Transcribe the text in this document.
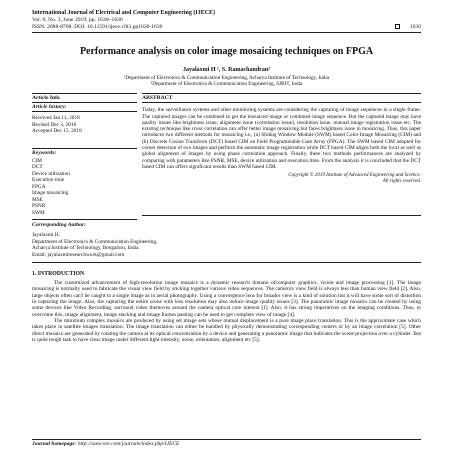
International Journal of Electrical and Computer Engineering (IJECE)
Vol. 9, No. 3, June 2019, pp. 1630~1636
ISSN: 2088-8708, DOI: 10.11591/ijece.v9i3.pp1630-1636	1630
Performance analysis on color image mosaicing techniques on FPGA
Jayalaxmi H ¹, S. Ramachandran²
¹Department of Electronics & Communication Engineering, Acharya Institute of Technology, India
²Department of Electronics & Communication Engineering, SJBIT, India
Article Info
Article history:
Received Jan 11, 2018
Revised Dec 3, 2018
Accepted Dec 15, 2018
Keywords:
CIM
DCT
Device utilization
Execution time
FPGA
Image mosaicing
MSE
PSNR
SWM
ABSTRACT
Today, the surveillance systems and other monitoring systems are considering the capturing of image sequences in a single frame. The captured images can be combined to get the mosaiced image or combined image sequence. But the captured image may have quality issues like brightness issue, alignment issue (correlation issue), resolution issue, manual image registration issue etc. The existing technique like cross correlation can offer better image mosaicing but faces brightness issue in mosaicing. Thus, this paper introduces two different methods for mosaicing i.e., (a) Sliding Window Module (SWM) based Color Image Mosaicing (CIM) and (b) Discrete Cosine Transform (DCT) based CIM on Field Programmable Gate Array (FPGA). The SWM based CIM adopted for corner detection of two images and perform the automatic image registration while DCT based CIM aligns both the local as well as global alignment of images by using phase correlation approach. Finally, these two methods performances are analyzed by comparing with parameters like PSNR, MSE, device utilization and execution time. From the analysis it is concluded that the DCT based CIM can offers significant results than SWM based CIM.
Copyright © 2019 Institute of Advanced Engineering and Science.
All rights reserved.
Corresponding Author:
Jayalaxmi H,
Department of Electronics & Communication Engineering,
Acharya Institute of Technology, Bengaluru, India.
Email: jayalaxmiresearchwork@gmail.com
1. INTRODUCTION

The customized advancement of high-resolution image mosaics is a dynamic research domain ofcomputer graphics, vision and image processing [1]. The image mosaicing is normally used to fabricate the visual view field by sticking together various video sequences. The camera's view field is always less than human view field [2]. Also, large objects often can't be caught in a single image as in aerial photography. Using a convergence lens for broader view is a kind of solution but it will have some sort of distortion in capturing the image. Also, the capturing the entire scene with less resolution may also induce image quality issues [3]. The panoramic image mosaics can be created by using some devices like Video Recording, surround video themoves around the camera optical core interest [1]. Also, it has strong imperatives on the imaging conditions. Thus, to overcome this, image alignment, image stacking and image frames pasting can be used to get complete view of image [4].

The minimum complex mosaics are produced by using set image sets whose mutual displacement is a pure image place translation. This is the approximate case which takes place in satellite images translation. The image translation can either be handled by physically demonstrating corresponding centers or by an image correlation [5]. Other direct mosaics are generated by rotating the camera at its optical concentration by a device and generating a panoramic image that indicates the scene projection over a cylinder. But is quite tough task to have clear image under different light intensity, noise, orientation, alignment etc [5].

Journal homepage: http://iaescore.com/journals/index.php/IJECE
